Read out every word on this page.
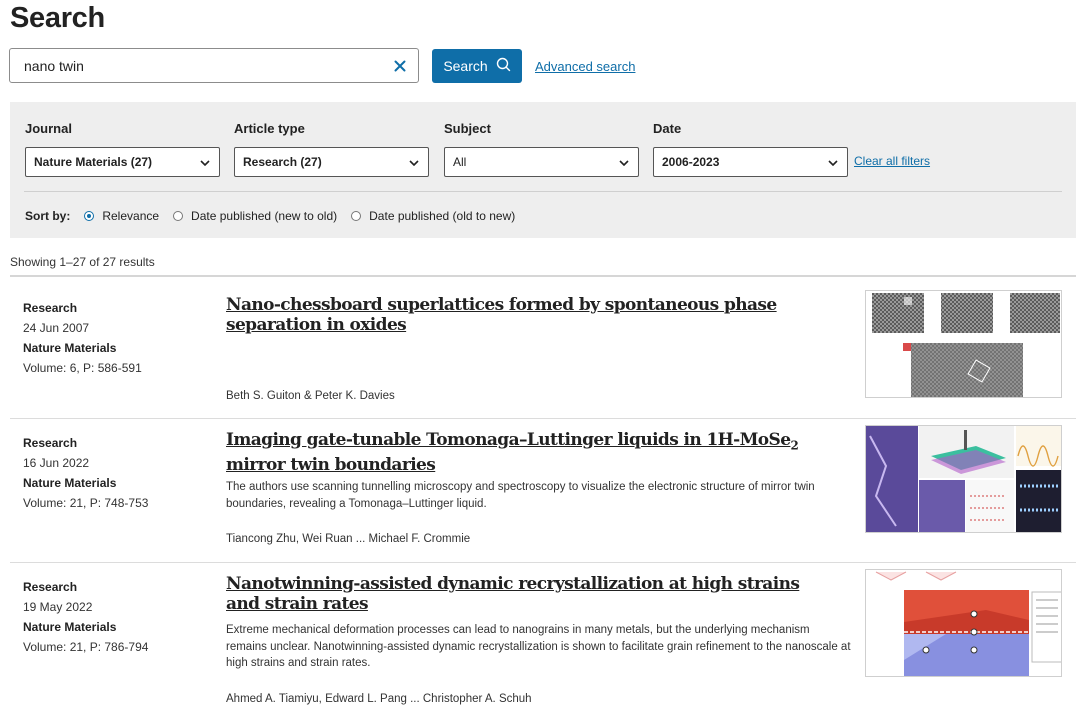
Search
nano twin	Search	Advanced search
Journal
Nature Materials (27)
Article type
Research (27)
Subject
All
Date
2006-2023	Clear all filters
Sort by:	Relevance	Date published (new to old)	Date published (old to new)
Showing 1–27 of 27 results
Research
24 Jun 2007
Nature Materials
Volume: 6, P: 586-591
Nano-chessboard superlattices formed by spontaneous phase separation in oxides
Beth S. Guiton & Peter K. Davies
Research
16 Jun 2022
Nature Materials
Volume: 21, P: 748-753
Imaging gate-tunable Tomonaga–Luttinger liquids in 1H-MoSe$_2$ mirror twin boundaries
The authors use scanning tunnelling microscopy and spectroscopy to visualize the electronic structure of mirror twin boundaries, revealing a Tomonaga–Luttinger liquid.
Tiancong Zhu, Wei Ruan ... Michael F. Crommie
Research
19 May 2022
Nature Materials
Volume: 21, P: 786-794
Nanotwinning-assisted dynamic recrystallization at high strains and strain rates
Extreme mechanical deformation processes can lead to nanograins in many metals, but the underlying mechanism remains unclear. Nanotwinning-assisted dynamic recrystallization is shown to facilitate grain refinement to the nanoscale at high strains and strain rates.
Ahmed A. Tiamiyu, Edward L. Pang ... Christopher A. Schuh
